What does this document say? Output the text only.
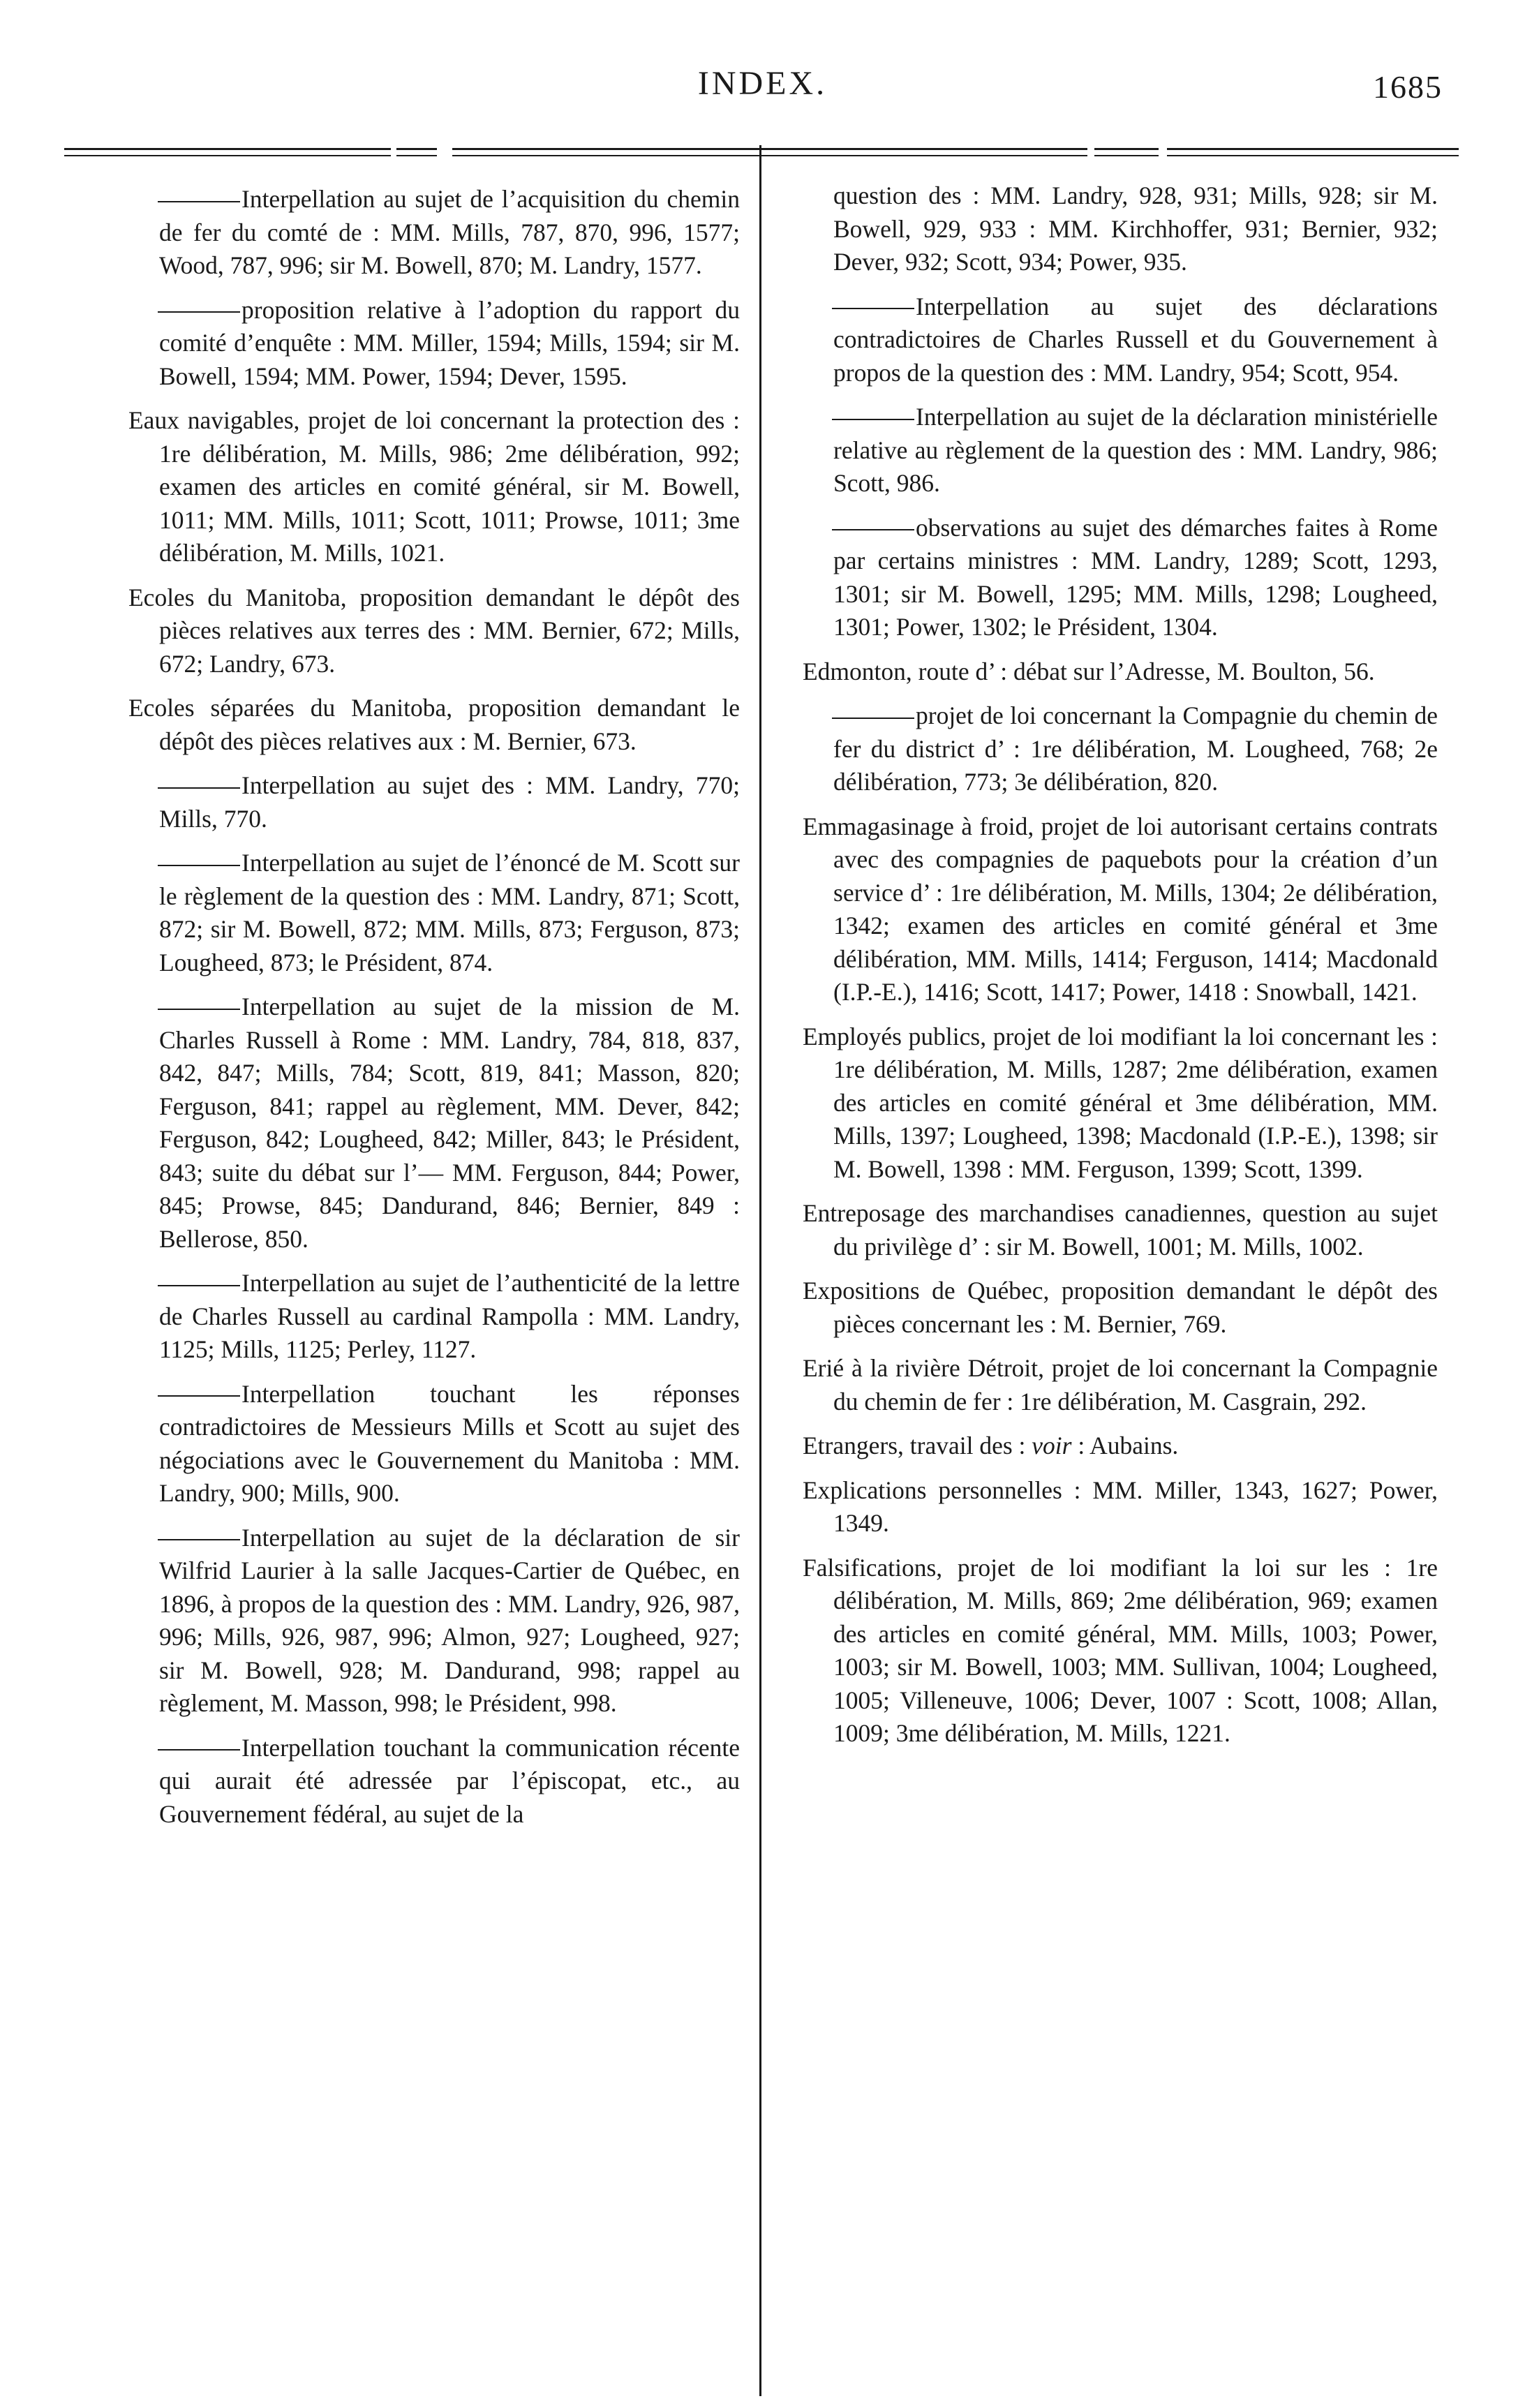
INDEX.	1685

Interpellation au sujet de l’acquisition du chemin de fer du comté de : MM. Mills, 787, 870, 996, 1577; Wood, 787, 996; sir M. Bowell, 870; M. Landry, 1577.

proposition relative à l’adoption du rapport du comité d’enquête : MM. Miller, 1594; Mills, 1594; sir M. Bowell, 1594; MM. Power, 1594; Dever, 1595.

Eaux navigables, projet de loi concernant la protection des : 1re délibération, M. Mills, 986; 2me délibération, 992; examen des articles en comité général, sir M. Bowell, 1011; MM. Mills, 1011; Scott, 1011; Prowse, 1011; 3me délibération, M. Mills, 1021.

Ecoles du Manitoba, proposition demandant le dépôt des pièces relatives aux terres des : MM. Bernier, 672; Mills, 672; Landry, 673.

Ecoles séparées du Manitoba, proposition demandant le dépôt des pièces relatives aux : M. Bernier, 673.

Interpellation au sujet des : MM. Landry, 770; Mills, 770.

Interpellation au sujet de l’énoncé de M. Scott sur le règlement de la question des : MM. Landry, 871; Scott, 872; sir M. Bowell, 872; MM. Mills, 873; Ferguson, 873; Lougheed, 873; le Président, 874.

Interpellation au sujet de la mission de M. Charles Russell à Rome : MM. Landry, 784, 818, 837, 842, 847; Mills, 784; Scott, 819, 841; Masson, 820; Ferguson, 841; rappel au règlement, MM. Dever, 842; Ferguson, 842; Lougheed, 842; Miller, 843; le Président, 843; suite du débat sur l’— MM. Ferguson, 844; Power, 845; Prowse, 845; Dandurand, 846; Bernier, 849 : Bellerose, 850.

Interpellation au sujet de l’authenticité de la lettre de Charles Russell au cardinal Rampolla : MM. Landry, 1125; Mills, 1125; Perley, 1127.

Interpellation touchant les réponses contradictoires de Messieurs Mills et Scott au sujet des négociations avec le Gouvernement du Manitoba : MM. Landry, 900; Mills, 900.

Interpellation au sujet de la déclaration de sir Wilfrid Laurier à la salle Jacques-Cartier de Québec, en 1896, à propos de la question des : MM. Landry, 926, 987, 996; Mills, 926, 987, 996; Almon, 927; Lougheed, 927; sir M. Bowell, 928; M. Dandurand, 998; rappel au règlement, M. Masson, 998; le Président, 998.

Interpellation touchant la communication récente qui aurait été adressée par l’épiscopat, etc., au Gouvernement fédéral, au sujet de la

question des : MM. Landry, 928, 931; Mills, 928; sir M. Bowell, 929, 933 : MM. Kirchhoffer, 931; Bernier, 932; Dever, 932; Scott, 934; Power, 935.

Interpellation au sujet des déclarations contradictoires de Charles Russell et du Gouvernement à propos de la question des : MM. Landry, 954; Scott, 954.

Interpellation au sujet de la déclaration ministérielle relative au règlement de la question des : MM. Landry, 986; Scott, 986.

observations au sujet des démarches faites à Rome par certains ministres : MM. Landry, 1289; Scott, 1293, 1301; sir M. Bowell, 1295; MM. Mills, 1298; Lougheed, 1301; Power, 1302; le Président, 1304.

Edmonton, route d’ : débat sur l’Adresse, M. Boulton, 56.

projet de loi concernant la Compagnie du chemin de fer du district d’ : 1re délibération, M. Lougheed, 768; 2e délibération, 773; 3e délibération, 820.

Emmagasinage à froid, projet de loi autorisant certains contrats avec des compagnies de paquebots pour la création d’un service d’ : 1re délibération, M. Mills, 1304; 2e délibération, 1342; examen des articles en comité général et 3me délibération, MM. Mills, 1414; Ferguson, 1414; Macdonald (I.P.-E.), 1416; Scott, 1417; Power, 1418 : Snowball, 1421.

Employés publics, projet de loi modifiant la loi concernant les : 1re délibération, M. Mills, 1287; 2me délibération, examen des articles en comité général et 3me délibération, MM. Mills, 1397; Lougheed, 1398; Macdonald (I.P.-E.), 1398; sir M. Bowell, 1398 : MM. Ferguson, 1399; Scott, 1399.

Entreposage des marchandises canadiennes, question au sujet du privilège d’ : sir M. Bowell, 1001; M. Mills, 1002.

Expositions de Québec, proposition demandant le dépôt des pièces concernant les : M. Bernier, 769.

Erié à la rivière Détroit, projet de loi concernant la Compagnie du chemin de fer : 1re délibération, M. Casgrain, 292.

Etrangers, travail des : voir : Aubains.

Explications personnelles : MM. Miller, 1343, 1627; Power, 1349.

Falsifications, projet de loi modifiant la loi sur les : 1re délibération, M. Mills, 869; 2me délibération, 969; examen des articles en comité général, MM. Mills, 1003; Power, 1003; sir M. Bowell, 1003; MM. Sullivan, 1004; Lougheed, 1005; Villeneuve, 1006; Dever, 1007 : Scott, 1008; Allan, 1009; 3me délibération, M. Mills, 1221.
